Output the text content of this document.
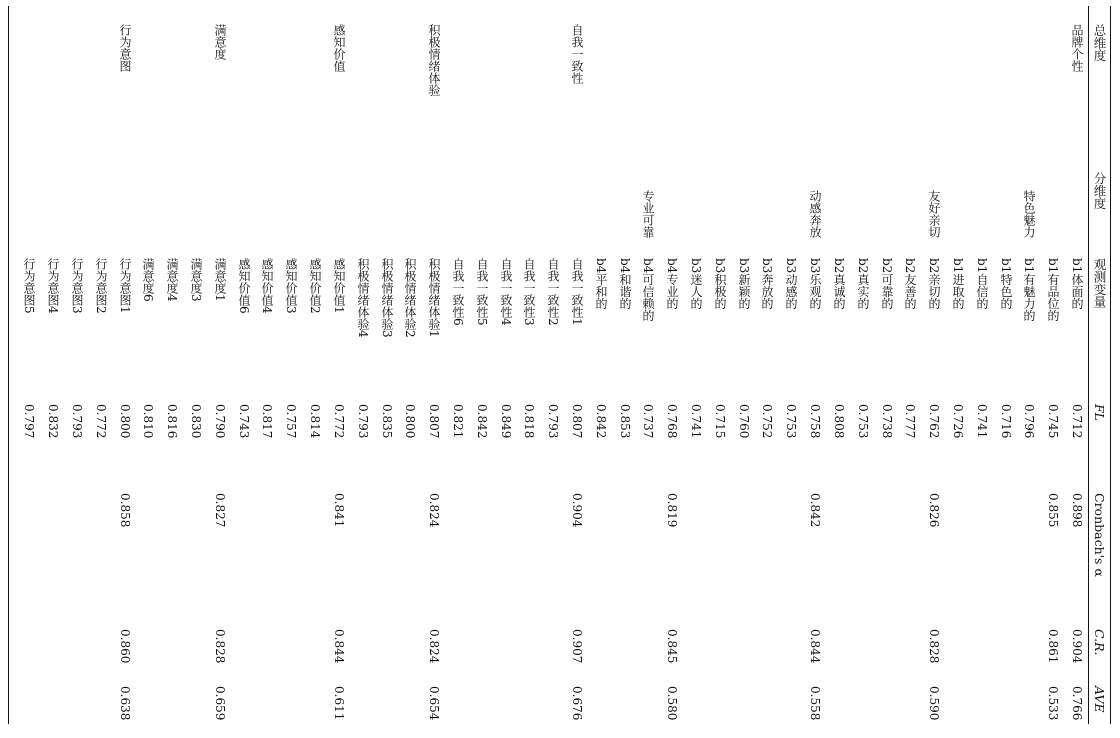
总维度
分维度
观测变量
FL
Cronbach's α
C.R.
AVE
b1体面的
0.712
b1有品位的
0.745
b1有魅力的
0.796
b1特色的
0.716
b1自信的
0.741
b1进取的
0.726
b2亲切的
0.762
b2友善的
0.777
b2可靠的
0.738
b2真实的
0.753
b2真诚的
0.808
b3乐观的
0.758
b3动感的
0.753
b3奔放的
0.752
b3新颖的
0.760
b3积极的
0.715
b3迷人的
0.741
b4专业的
0.768
b4可信赖的
0.737
b4和谐的
0.853
b4平和的
0.842
自我一致性1
0.807
自我一致性2
0.793
自我一致性3
0.818
自我一致性4
0.849
自我一致性5
0.842
自我一致性6
0.821
积极情绪体验1
0.807
积极情绪体验2
0.800
积极情绪体验3
0.835
积极情绪体验4
0.793
感知价值1
0.772
感知价值2
0.814
感知价值3
0.757
感知价值4
0.817
感知价值6
0.743
满意度1
0.790
满意度3
0.830
满意度4
0.816
满意度6
0.810
行为意图1
0.800
行为意图2
0.772
行为意图3
0.793
行为意图4
0.832
行为意图5
0.797
品牌个性
0.898
0.904
0.766
自我一致性
0.904
0.907
0.676
积极情绪体验
0.824
0.824
0.654
感知价值
0.841
0.844
0.611
满意度
0.827
0.828
0.659
行为意图
0.858
0.860
0.638
特色魅力
0.855
0.861
0.533
友好亲切
0.826
0.828
0.590
动感奔放
0.842
0.844
0.558
专业可靠
0.819
0.845
0.580
